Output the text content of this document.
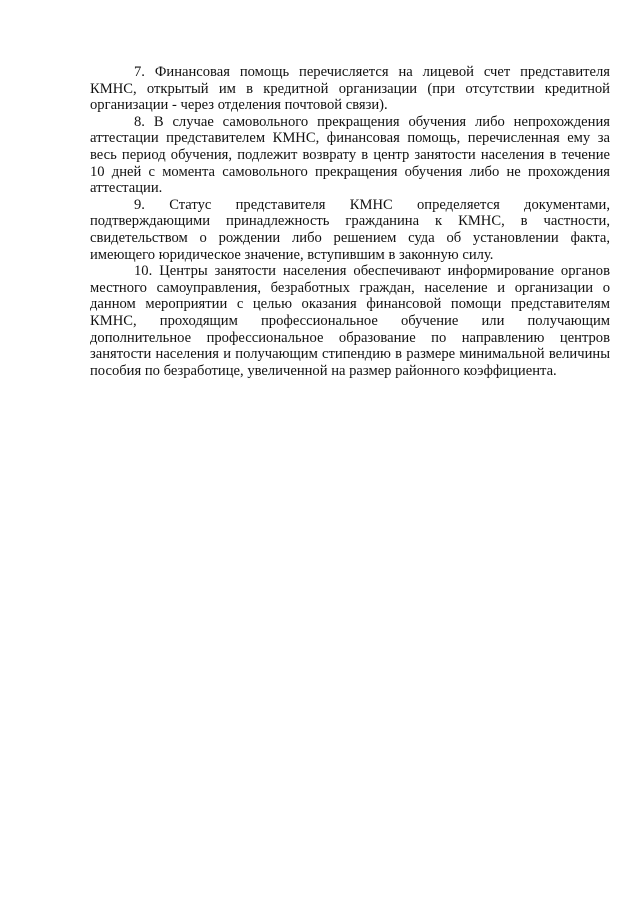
7. Финансовая помощь перечисляется на лицевой счет представителя КМНС, открытый им в кредитной организации (при отсутствии кредитной организации - через отделения почтовой связи).

8. В случае самовольного прекращения обучения либо непрохождения аттестации представителем КМНС, финансовая помощь, перечисленная ему за весь период обучения, подлежит возврату в центр занятости населения в течение 10 дней с момента самовольного прекращения обучения либо не прохождения аттестации.

9. Статус представителя КМНС определяется документами, подтверждающими принадлежность гражданина к КМНС, в частности, свидетельством о рождении либо решением суда об установлении факта, имеющего юридическое значение, вступившим в законную силу.

10. Центры занятости населения обеспечивают информирование органов местного самоуправления, безработных граждан, население и организации о данном мероприятии с целью оказания финансовой помощи представителям КМНС, проходящим профессиональное обучение или получающим дополнительное профессиональное образование по направлению центров занятости населения и получающим стипендию в размере минимальной величины пособия по безработице, увеличенной на размер районного коэффициента.
